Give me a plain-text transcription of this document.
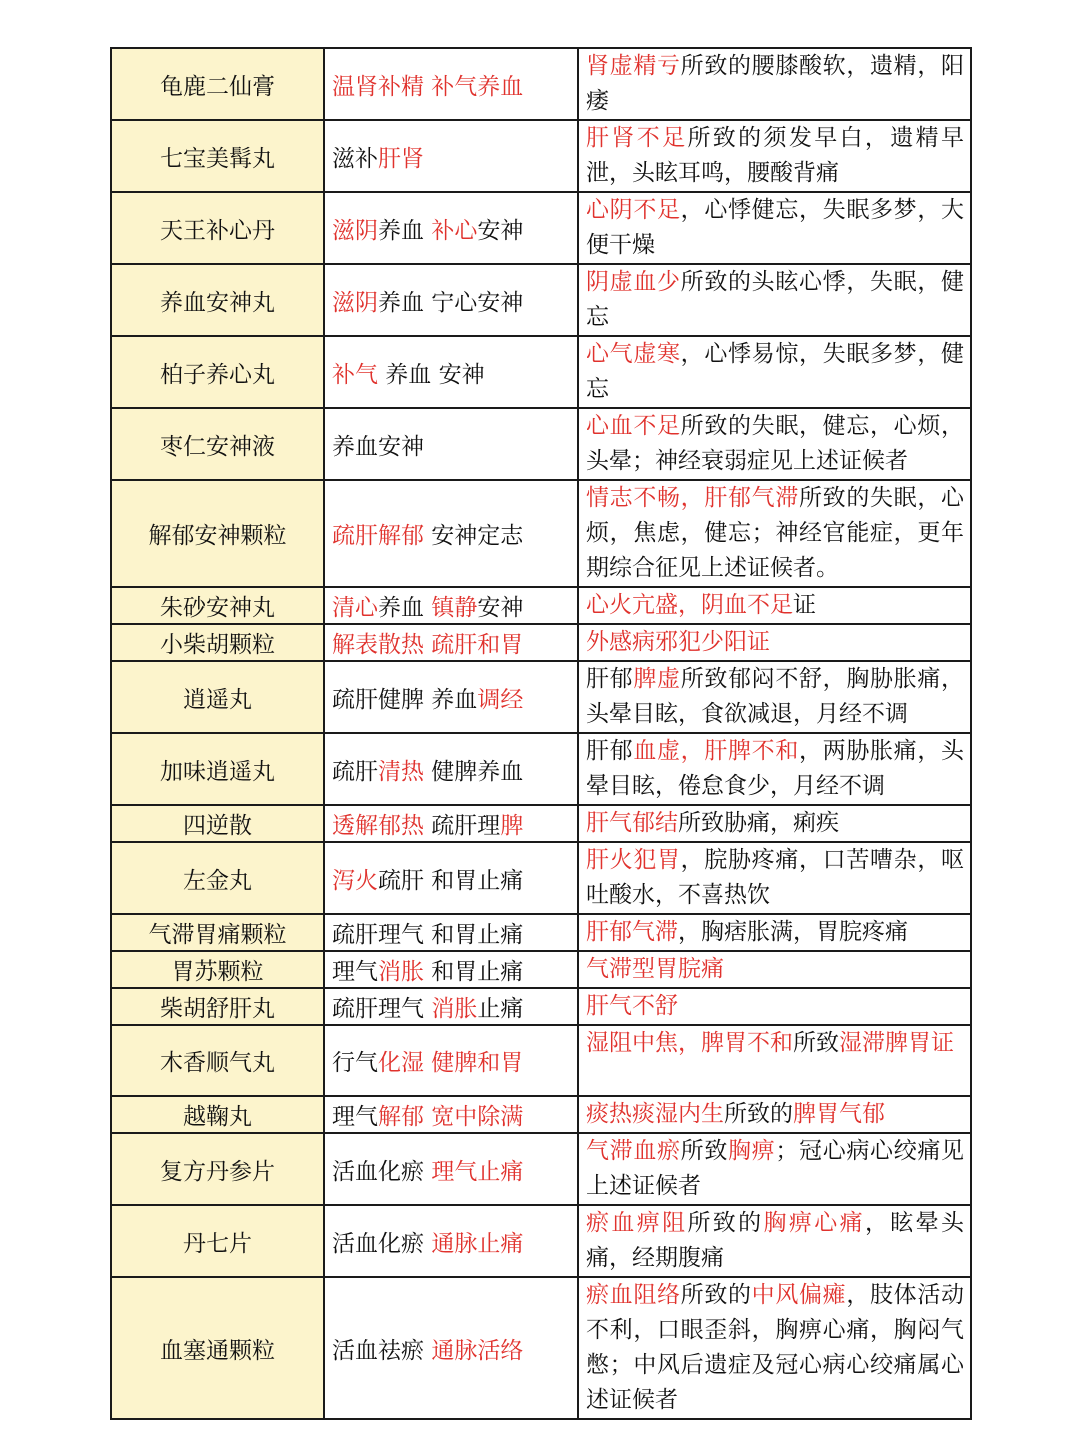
龟鹿二仙膏	温肾补精 补气养血	肾虚精亏所致的腰膝酸软，遗精，阳痿
七宝美髯丸	滋补肝肾	肝肾不足所致的须发早白，遗精早泄，头眩耳鸣，腰酸背痛
天王补心丹	滋阴养血 补心安神	心阴不足，心悸健忘，失眠多梦，大便干燥
养血安神丸	滋阴养血 宁心安神	阴虚血少所致的头眩心悸，失眠，健忘
柏子养心丸	补气 养血 安神	心气虚寒，心悸易惊，失眠多梦，健忘
枣仁安神液	养血安神	心血不足所致的失眠，健忘，心烦，头晕；神经衰弱症见上述证候者
解郁安神颗粒	疏肝解郁 安神定志	情志不畅，肝郁气滞所致的失眠，心烦，焦虑，健忘；神经官能症，更年期综合征见上述证候者。
朱砂安神丸	清心养血 镇静安神	心火亢盛，阴血不足证
小柴胡颗粒	解表散热 疏肝和胃	外感病邪犯少阳证
逍遥丸	疏肝健脾 养血调经	肝郁脾虚所致郁闷不舒，胸胁胀痛，头晕目眩，食欲减退，月经不调
加味逍遥丸	疏肝清热 健脾养血	肝郁血虚，肝脾不和，两胁胀痛，头晕目眩，倦怠食少，月经不调
四逆散	透解郁热 疏肝理脾	肝气郁结所致胁痛，痢疾
左金丸	泻火疏肝 和胃止痛	肝火犯胃，脘胁疼痛，口苦嘈杂，呕吐酸水，不喜热饮
气滞胃痛颗粒	疏肝理气 和胃止痛	肝郁气滞，胸痞胀满，胃脘疼痛
胃苏颗粒	理气消胀 和胃止痛	气滞型胃脘痛
柴胡舒肝丸	疏肝理气 消胀止痛	肝气不舒
木香顺气丸	行气化湿 健脾和胃	湿阻中焦，脾胃不和所致湿滞脾胃证
越鞠丸	理气解郁 宽中除满	痰热痰湿内生所致的脾胃气郁
复方丹参片	活血化瘀 理气止痛	气滞血瘀所致胸痹；冠心病心绞痛见上述证候者
丹七片	活血化瘀 通脉止痛	瘀血痹阻所致的胸痹心痛，眩晕头痛，经期腹痛
血塞通颗粒	活血祛瘀 通脉活络	瘀血阻络所致的中风偏瘫，肢体活动不利，口眼歪斜，胸痹心痛，胸闷气憋；中风后遗症及冠心病心绞痛属心述证候者
